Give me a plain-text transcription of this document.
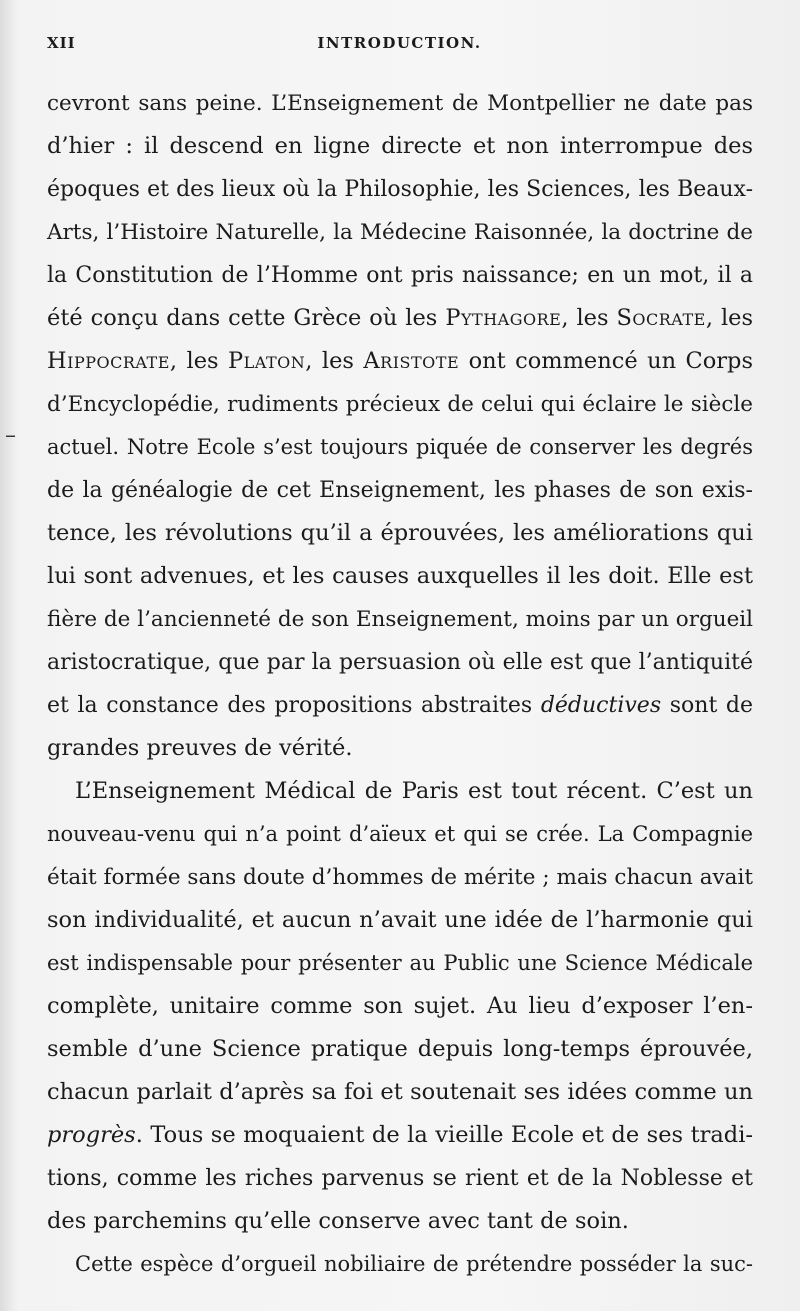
XII	INTRODUCTION.
–
cevront sans peine. L’Enseignement de Montpellier ne date pas
d’hier : il descend en ligne directe et non interrompue des
époques et des lieux où la Philosophie, les Sciences, les Beaux-
Arts, l’Histoire Naturelle, la Médecine Raisonnée, la doctrine de
la Constitution de l’Homme ont pris naissance; en un mot, il a
été conçu dans cette Grèce où les Pythagore, les Socrate, les
Hippocrate, les Platon, les Aristote ont commencé un Corps
d’Encyclopédie, rudiments précieux de celui qui éclaire le siècle
actuel. Notre Ecole s’est toujours piquée de conserver les degrés
de la généalogie de cet Enseignement, les phases de son exis-
tence, les révolutions qu’il a éprouvées, les améliorations qui
lui sont advenues, et les causes auxquelles il les doit. Elle est
fière de l’ancienneté de son Enseignement, moins par un orgueil
aristocratique, que par la persuasion où elle est que l’antiquité
et la constance des propositions abstraites déductives sont de
grandes preuves de vérité.
L’Enseignement Médical de Paris est tout récent. C’est un
nouveau-venu qui n’a point d’aïeux et qui se crée. La Compagnie
était formée sans doute d’hommes de mérite ; mais chacun avait
son individualité, et aucun n’avait une idée de l’harmonie qui
est indispensable pour présenter au Public une Science Médicale
complète, unitaire comme son sujet. Au lieu d’exposer l’en-
semble d’une Science pratique depuis long-temps éprouvée,
chacun parlait d’après sa foi et soutenait ses idées comme un
progrès. Tous se moquaient de la vieille Ecole et de ses tradi-
tions, comme les riches parvenus se rient et de la Noblesse et
des parchemins qu’elle conserve avec tant de soin.
Cette espèce d’orgueil nobiliaire de prétendre posséder la suc-
